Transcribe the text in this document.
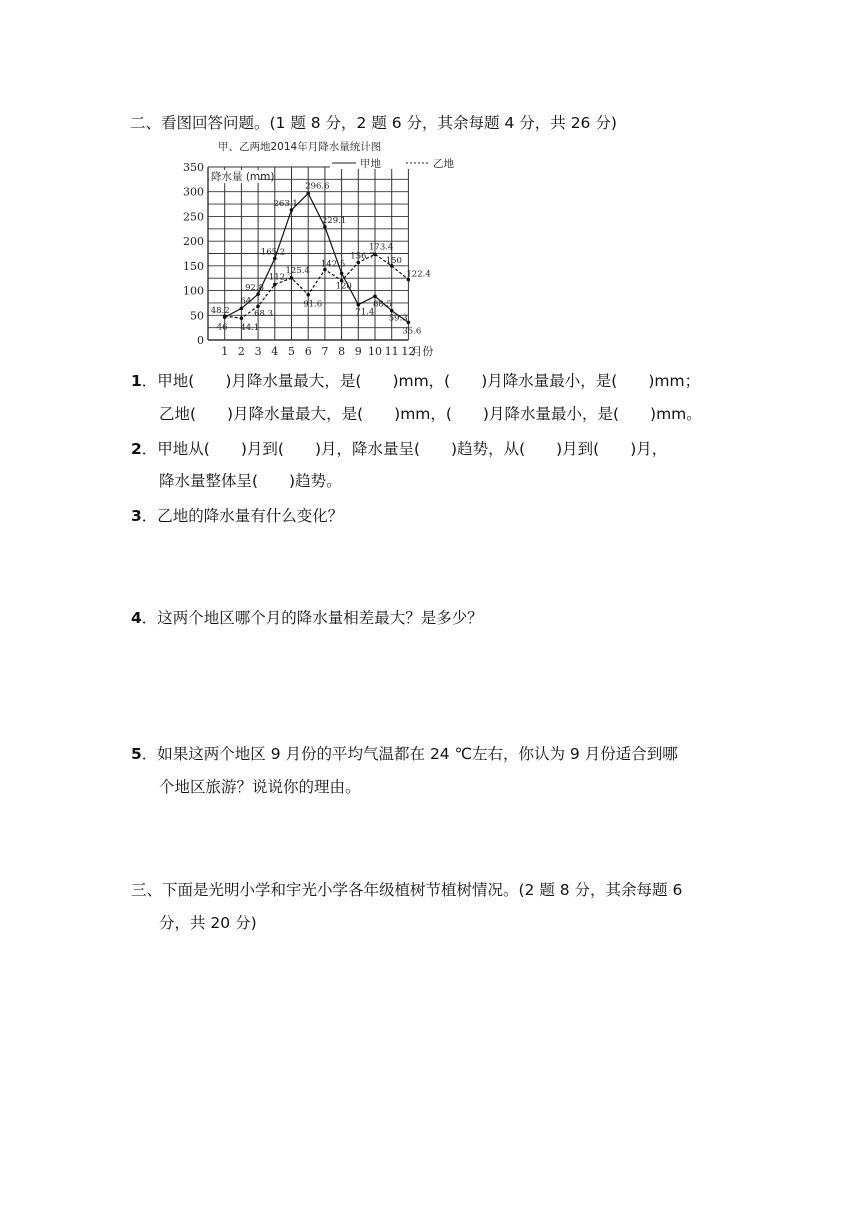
二、看图回答问题。(1 题 8 分，2 题 6 分，其余每题 4 分，共 26 分)
甲、乙两地2014年月降水量统计图
0
50
100
150
200
250
300
350
1 2 3 4 5 6 7 8 9 10 11 12
月份
降水量 (mm)
甲地	乙地
46
64
92.8
165.2
263.1
296.6
229.1
71.4
88.5
59.3
35.6
48.2
44.1
68.3
112.3
125.4
91.6
142.5
120
156.7
173.4
150
122.4
1．甲地(　　)月降水量最大，是(　　)mm，(　　)月降水量最小，是(　　)mm；
乙地(　　)月降水量最大，是(　　)mm，(　　)月降水量最小，是(　　)mm。
2．甲地从(　　)月到(　　)月，降水量呈(　　)趋势，从(　　)月到(　　)月，
降水量整体呈(　　)趋势。
3．乙地的降水量有什么变化？
4．这两个地区哪个月的降水量相差最大？是多少？
5．如果这两个地区 9 月份的平均气温都在 24 ℃左右，你认为 9 月份适合到哪
个地区旅游？说说你的理由。
三、下面是光明小学和宇光小学各年级植树节植树情况。(2 题 8 分，其余每题 6
分，共 20 分)
